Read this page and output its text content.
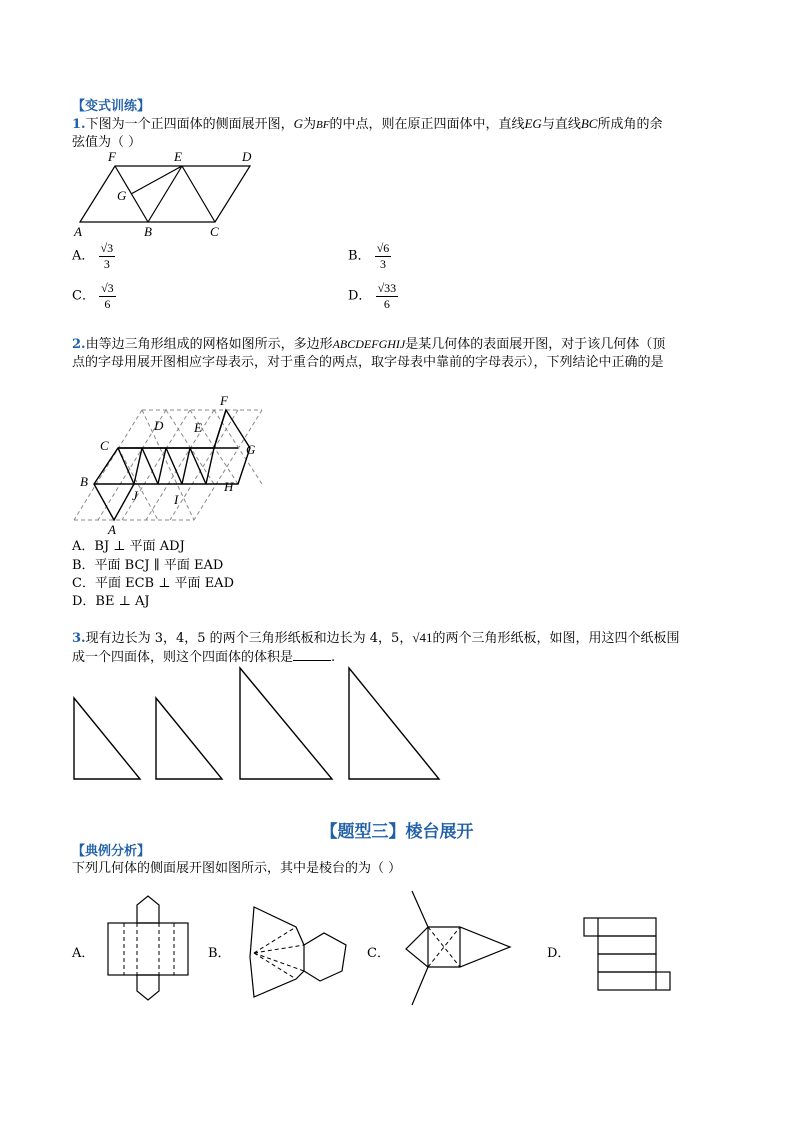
【变式训练】
1.下图为一个正四面体的侧面展开图，G为BF的中点，则在原正四面体中，直线EG与直线BC所成角的余
弦值为（ ）
F	E	D
G
A	B	C
A． $\frac{√3}{3}$	B． $\frac{√6}{3}$
C． $\frac{√3}{6}$	D． $\frac{√33}{6}$
2.由等边三角形组成的网格如图所示，多边形ABCDEFGHIJ是某几何体的表面展开图，对于该几何体（顶
点的字母用展开图相应字母表示，对于重合的两点，取字母表中靠前的字母表示），下列结论中正确的是
F
D E
C	G
B	H
J	I
A
A．BJ ⊥ 平面 ADJ
B．平面 BCJ ∥ 平面 EAD
C．平面 ECB ⊥ 平面 EAD
D．BE ⊥ AJ
3.现有边长为 3，4，5 的两个三角形纸板和边长为 4，5，√41的两个三角形纸板，如图，用这四个纸板围
成一个四面体，则这个四面体的体积是	.
【题型三】棱台展开
【典例分析】
下列几何体的侧面展开图如图所示，其中是棱台的为（ ）
A．	B．	C．	D．
